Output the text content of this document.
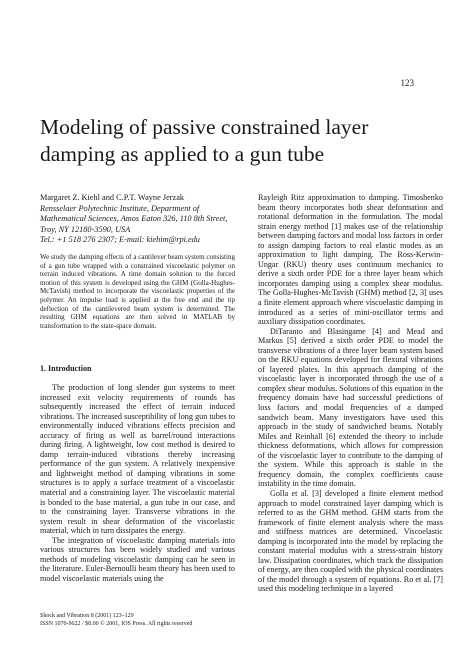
123
Modeling of passive constrained layer damping as applied to a gun tube
Margaret Z. Kiehl and C.P.T. Wayne Jerzak
Rensselaer Polytechnic Institute, Department of Mathematical Sciences, Amos Eaton 326, 110 8th Street, Troy, NY 12180-3590, USA
Tel.: +1 518 276 2307; E-mail: kiehim@rpi.edu

We study the damping effects of a cantilever beam system consisting of a gun tube wrapped with a constrained viscoelastic polymer on terrain induced vibrations. A time domain solution to the forced motion of this system is developed using the GHM (Golla-Hughes-McTavish) method to incorporate the viscoelastic properties of the polymer. An impulse load is applied at the free end and the tip deflection of the cantilevered beam system is determined. The resulting GHM equations are then solved in MATLAB by transformation to the state-space domain.

1. Introduction

The production of long slender gun systems to meet increased exit velocity requirements of rounds has subsequently increased the effect of terrain induced vibrations. The increased susceptibility of long gun tubes to environmentally induced vibrations effects precision and accuracy of firing as well as barrel/round interactions during firing. A lightweight, low cost method is desired to damp terrain-induced vibrations thereby increasing performance of the gun system. A relatively inexpensive and lightweight method of damping vibrations in some structures is to apply a surface treatment of a viscoelastic material and a constraining layer. The viscoelastic material is bonded to the base material, a gun tube in our case, and to the constraining layer. Transverse vibrations in the system result in shear deformation of the viscoelastic material, which in turn dissipates the energy.

The integration of viscoelastic damping materials into various structures has been widely studied and various methods of modeling viscoelastic damping can be seen in the literature. Euler-Bernoulli beam theory has been used to model viscoelastic materials using the

Rayleigh Ritz approximation to damping. Timoshenko beam theory incorporates both shear deformation and rotational deformation in the formulation. The modal strain energy method [1] makes use of the relationship between damping factors and modal loss factors in order to assign damping factors to real elastic modes as an approximation to light damping. The Ross-Kerwin-Ungar (RKU) theory uses continuum mechanics to derive a sixth order PDE for a three layer beam which incorporates damping using a complex shear modulus. The Golla-Hughes-McTavish (GHM) method [2, 3] uses a finite element approach where viscoelastic damping in introduced as a series of mini-oscillator terms and auxiliary dissipation coordinates.

DiTaranto and Blasingame [4] and Mead and Markus [5] derived a sixth order PDE to model the transverse vibrations of a three layer beam system based on the RKU equations developed for flexural vibrations of layered plates. In this approach damping of the viscoelastic layer is incorporated through the use of a complex shear modulus. Solutions of this equation in the frequency domain have had successful predictions of loss factors and modal frequencies of a damped sandwich beam. Many investigators have used this approach in the study of sandwiched beams. Notably Miles and Reinhall [6] extended the theory to include thickness deformations, which allows for compression of the viscoelastic layer to contribute to the damping of the system. While this approach is stable in the frequency domain, the complex coefficients cause instability in the time domain.

Golla et al. [3] developed a finite element method approach to model constrained layer damping which is referred to as the GHM method. GHM starts from the framework of finite element analysis where the mass and stiffness matrices are determined. Viscoelastic damping is incorporated into the model by replacing the constant material modulus with a stress-strain history law. Dissipation coordinates, which track the dissipation of energy, are then coupled with the physical coordinates of the model through a system of equations. Ro et al. [7] used this modeling technique in a layered

Shock and Vibration 8 (2001) 123–129
ISSN 1070-9622 / $8.00 © 2001, IOS Press. All rights reserved
